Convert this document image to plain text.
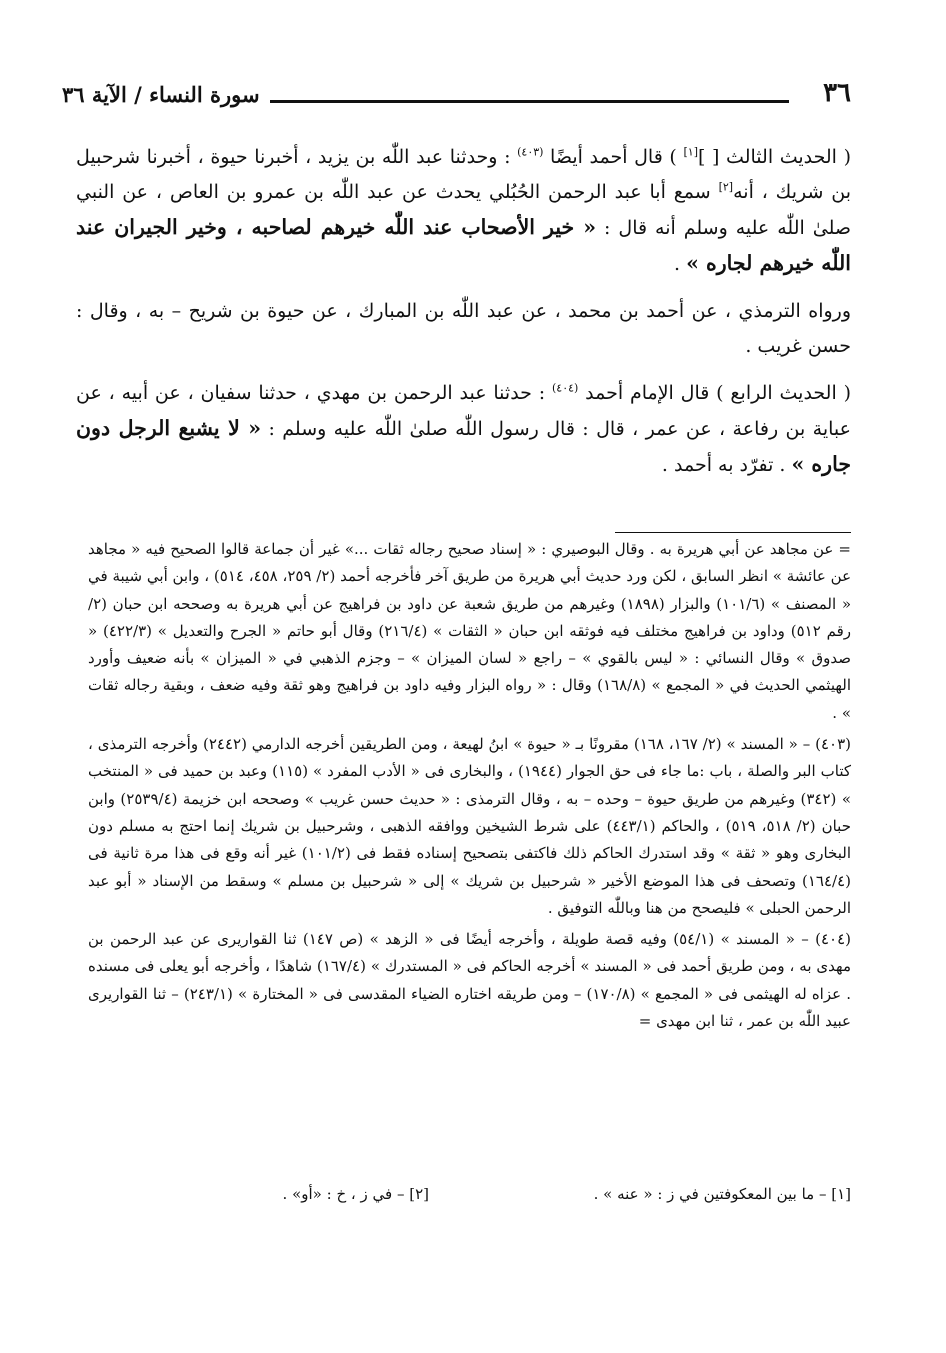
٣٦
سورة النساء / الآية ٣٦

( الحديث الثالث [ ][١] ) قال أحمد أيضًا $^{(٤٠٣)}$ : وحدثنا عبد اللّٰه بن يزيد ، أخبرنا حيوة ، أخبرنا شرحبيل بن شريك ، أنه[٢] سمع أبا عبد الرحمن الحُبُلي يحدث عن عبد اللّٰه بن عمرو بن العاص ، عن النبي صلىٰ اللّٰه عليه وسلم أنه قال : « خير الأصحاب عند اللّٰه خيرهم لصاحبه ، وخير الجيران عند اللّٰه خيرهم لجاره » .

ورواه الترمذي ، عن أحمد بن محمد ، عن عبد اللّٰه بن المبارك ، عن حيوة بن شريح – به ، وقال : حسن غريب .

( الحديث الرابع ) قال الإمام أحمد $^{(٤٠٤)}$ : حدثنا عبد الرحمن بن مهدي ، حدثنا سفيان ، عن أبيه ، عن عباية بن رفاعة ، عن عمر ، قال : قال رسول اللّٰه صلىٰ اللّٰه عليه وسلم : « لا يشبع الرجل دون جاره » . تفرّد به أحمد .

= عن مجاهد عن أبي هريرة به . وقال البوصيري : « إسناد صحيح رجاله ثقات ...» غير أن جماعة قالوا الصحيح فيه « مجاهد عن عائشة » انظر السابق ، لكن ورد حديث أبي هريرة من طريق آخر فأخرجه أحمد (٢/ ٢٥٩، ٤٥٨، ٥١٤) ، وابن أبي شيبة في « المصنف » (١٠١/٦) والبزار (١٨٩٨) وغيرهم من طريق شعبة عن داود بن فراهيج عن أبي هريرة به وصححه ابن حبان (٢/رقم ٥١٢) وداود بن فراهيج مختلف فيه فوثقه ابن حبان « الثقات » (٢١٦/٤) وقال أبو حاتم « الجرح والتعديل » (٤٢٢/٣) « صدوق » وقال النسائي : « ليس بالقوي » – راجع « لسان الميزان » – وجزم الذهبي في « الميزان » بأنه ضعيف وأورد الهيثمي الحديث في « المجمع » (١٦٨/٨) وقال : « رواه البزار وفيه داود بن فراهيج وهو ثقة وفيه ضعف ، وبقية رجاله ثقات » .

(٤٠٣) – « المسند » (٢/ ١٦٧، ١٦٨) مقرونًا بـ « حيوة » ابنُ لهيعة ، ومن الطريقين أخرجه الدارمي (٢٤٤٢) وأخرجه الترمذى ، كتاب البر والصلة ، باب :ما جاء فى حق الجوار (١٩٤٤) ، والبخارى فى « الأدب المفرد » (١١٥) وعبد بن حميد فى « المنتخب » (٣٤٢) وغيرهم من طريق حيوة – وحده – به ، وقال الترمذى : « حديث حسن غريب » وصححه ابن خزيمة (٢٥٣٩/٤) وابن حبان (٢/ ٥١٨، ٥١٩) ، والحاكم (٤٤٣/١) على شرط الشيخين ووافقه الذهبى ، وشرحبيل بن شريك إنما احتج به مسلم دون البخارى وهو « ثقة » وقد استدرك الحاكم ذلك فاكتفى بتصحيح إسناده فقط فى (١٠١/٢) غير أنه وقع فى هذا مرة ثانية فى (١٦٤/٤) وتصحف فى هذا الموضع الأخير « شرحبيل بن شريك » إلى « شرحبيل بن مسلم » وسقط من الإسناد « أبو عبد الرحمن الحبلى » فليصحح من هنا وباللّٰه التوفيق .

(٤٠٤) – « المسند » (٥٤/١) وفيه قصة طويلة ، وأخرجه أيضًا فى « الزهد » (ص ١٤٧) ثنا القواريرى عن عبد الرحمن بن مهدى به ، ومن طريق أحمد فى « المسند » أخرجه الحاكم فى « المستدرك » (١٦٧/٤) شاهدًا ، وأخرجه أبو يعلى فى مسنده . عزاه له الهيثمى فى « المجمع » (١٧٠/٨) – ومن طريقه اختاره الضياء المقدسى فى « المختارة » (٢٤٣/١) – ثنا القواريرى عبيد اللّٰه بن عمر ، ثنا ابن مهدى =

[١] – ما بين المعكوفتين في ز : « عنه » .
[٢] – في ز ، خ : «أو» .
